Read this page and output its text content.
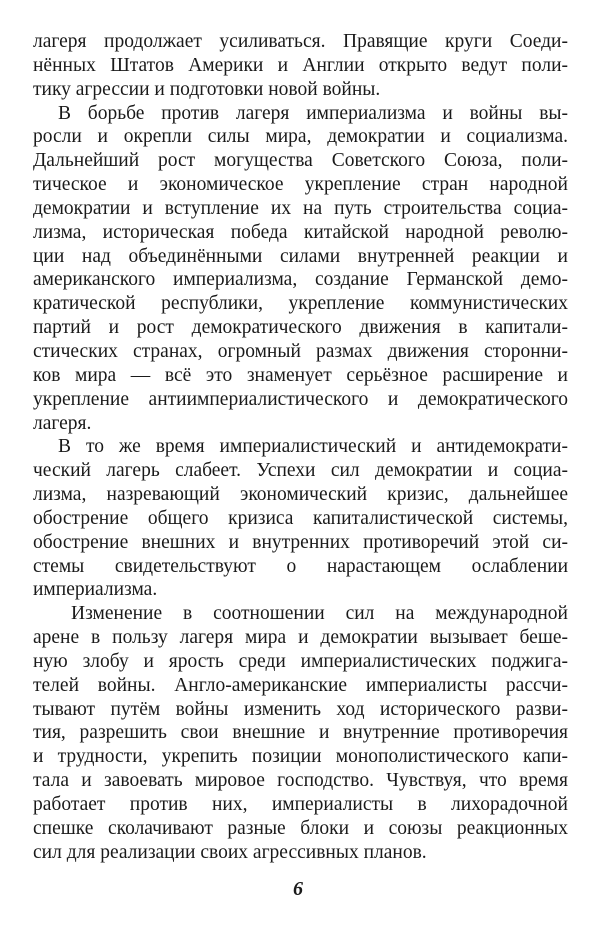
лагеря продолжает усиливаться. Правящие круги Соеди-
нённых Штатов Америки и Англии открыто ведут поли-
тику агрессии и подготовки новой войны.
В борьбе против лагеря империализма и войны вы-
росли и окрепли силы мира, демократии и социализма.
Дальнейший рост могущества Советского Союза, поли-
тическое и экономическое укрепление стран народной
демократии и вступление их на путь строительства социа-
лизма, историческая победа китайской народной револю-
ции над объединёнными силами внутренней реакции и
американского империализма, создание Германской демо-
кратической республики, укрепление коммунистических
партий и рост демократического движения в капитали-
стических странах, огромный размах движения сторонни-
ков мира — всё это знаменует серьёзное расширение и
укрепление антиимпериалистического и демократического
лагеря.
В то же время империалистический и антидемократи-
ческий лагерь слабеет. Успехи сил демократии и социа-
лизма, назревающий экономический кризис, дальнейшее
обострение общего кризиса капиталистической системы,
обострение внешних и внутренних противоречий этой си-
стемы свидетельствуют о нарастающем ослаблении
империализма.
Изменение в соотношении сил на международной
арене в пользу лагеря мира и демократии вызывает беше-
ную злобу и ярость среди империалистических поджига-
телей войны. Англо-американские империалисты рассчи-
тывают путём войны изменить ход исторического разви-
тия, разрешить свои внешние и внутренние противоречия
и трудности, укрепить позиции монополистического капи-
тала и завоевать мировое господство. Чувствуя, что время
работает против них, империалисты в лихорадочной
спешке сколачивают разные блоки и союзы реакционных
сил для реализации своих агрессивных планов.
6
